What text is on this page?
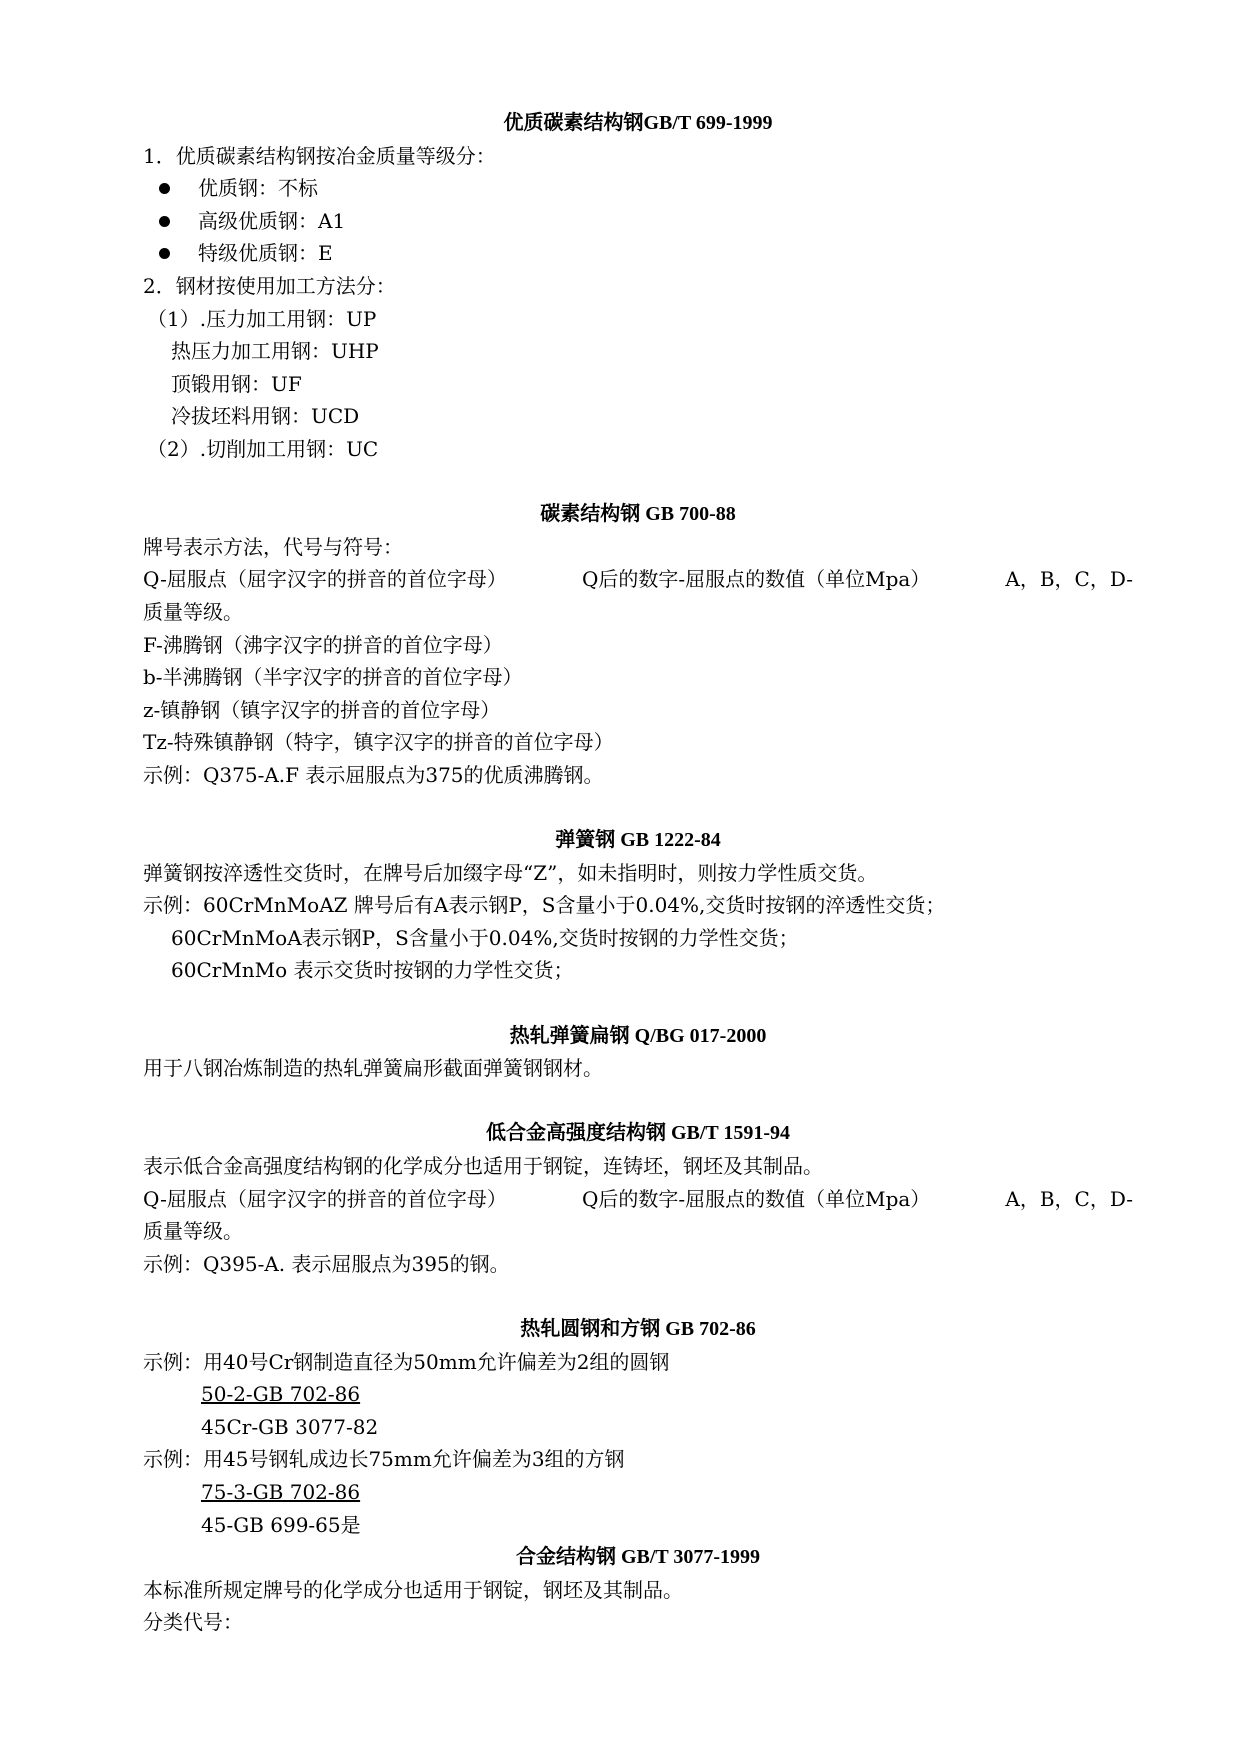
优质碳素结构钢GB/T 699-1999
1．优质碳素结构钢按冶金质量等级分：
优质钢：不标
高级优质钢：A1
特级优质钢：E
2．钢材按使用加工方法分：
（1）.压力加工用钢：UP
热压力加工用钢：UHP
顶锻用钢：UF
冷拔坯料用钢：UCD
（2）.切削加工用钢：UC
碳素结构钢 GB 700-88
牌号表示方法，代号与符号：
Q-屈服点（屈字汉字的拼音的首位字母）	Q后的数字-屈服点的数值（单位Mpa）	A，B，C，D-
质量等级。
F-沸腾钢（沸字汉字的拼音的首位字母）
b-半沸腾钢（半字汉字的拼音的首位字母）
z-镇静钢（镇字汉字的拼音的首位字母）
Tz-特殊镇静钢（特字，镇字汉字的拼音的首位字母）
示例：Q375-A.F 表示屈服点为375的优质沸腾钢。
弹簧钢 GB 1222-84
弹簧钢按淬透性交货时，在牌号后加缀字母“Z”，如未指明时，则按力学性质交货。
示例：60CrMnMoAZ 牌号后有A表示钢P，S含量小于0.04%,交货时按钢的淬透性交货；
60CrMnMoA表示钢P，S含量小于0.04%,交货时按钢的力学性交货；
60CrMnMo 表示交货时按钢的力学性交货；
热轧弹簧扁钢 Q/BG 017-2000
用于八钢冶炼制造的热轧弹簧扁形截面弹簧钢钢材。
低合金高强度结构钢 GB/T 1591-94
表示低合金高强度结构钢的化学成分也适用于钢锭，连铸坯，钢坯及其制品。
Q-屈服点（屈字汉字的拼音的首位字母）	Q后的数字-屈服点的数值（单位Mpa）	A，B，C，D-
质量等级。
示例：Q395-A. 表示屈服点为395的钢。
热轧圆钢和方钢 GB 702-86
示例：用40号Cr钢制造直径为50mm允许偏差为2组的圆钢
50-2-GB 702-86
45Cr-GB 3077-82
示例：用45号钢轧成边长75mm允许偏差为3组的方钢
75-3-GB 702-86
45-GB 699-65是
合金结构钢 GB/T 3077-1999
本标准所规定牌号的化学成分也适用于钢锭，钢坯及其制品。
分类代号：
